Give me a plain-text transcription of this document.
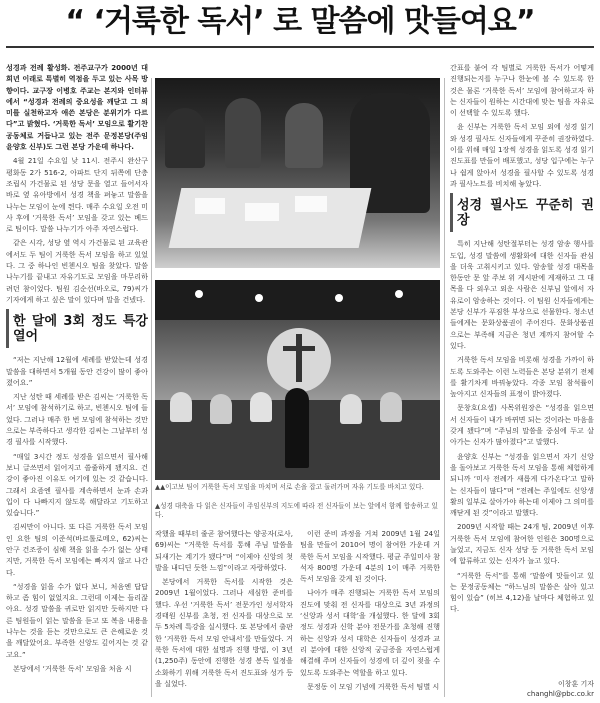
“ ‘거룩한 독서’ 로 말씀에 맛들여요”

성경과 전례 활성화. 전주교구가 2000년 대희년 이래로 특별히 역점을 두고 있는 사목 방향이다. 교구장 이병호 주교는 본지와 인터뷰에서 “성경과 전례의 중요성을 깨닫고 그 의미를 실천하고자 애쓴 본당은 분위기가 다르다”고 밝혔다. ‘거룩한 독서’ 모임으로 활기찬 공동체로 거듭나고 있는 전주 문정본당(주임 윤양호 신부)도 그런 본당 가운데 하나다.

4월 21일 수요일 낮 11시. 전주시 완산구 평화동 2가 516-2, 아파트 단지 뒤쪽에 단층 조립식 가건물로 된 성당 문을 열고 들어서자 바로 옆 유아방에서 성경 책을 펴놓고 말씀을 나누는 모임이 눈에 띈다. 매주 수요일 오전 미사 후에 ‘거룩한 독서’ 모임을 갖고 있는 베드로 팀이다. 말씀 나누기가 아주 자연스럽다.

같은 시각, 성당 옆 역시 가건물로 된 교육관에서도 두 팀이 거룩한 독서 모임을 하고 있었다. 그 중 하나인 빈첸시오 팀을 찾았다. 말씀 나누기를 끝내고 자유기도로 모임을 마무리하려던 참이었다. 팀원 김순선(바오로, 79)씨가 기자에게 하고 싶은 말이 있다며 말을 건넸다.

한 달에 3회 정도 특강 열어

“저는 지난해 12월에 세례를 받았는데 성경 말씀을 대하면서 5개월 동안 건강이 많이 좋아졌어요.”

지난 성탄 때 세례를 받은 김씨는 ‘거룩한 독서’ 모임에 참석하기로 하고, 빈첸시오 팀에 들었다. 그러나 매주 한 번 모임에 참석하는 것만으로는 부족하다고 생각한 김씨는 그날부터 성경 필사를 시작했다.

“매일 3시간 정도 성경을 읽으면서 필사해 보니 글쓰면서 읽어지고 쓸줄하게 됐지요. 건강이 좋아진 이유도 여기에 있는 것 같습니다. 그래서 요즘엔 필사를 계속하면서 눈과 손과 입이 다 나빠지지 않도록 해달라고 기도하고 있습니다.”

김씨만이 아니다. 또 다른 거룩한 독서 모임인 요한 팀의 이준석(바르톨로메오, 62)씨는 안구 건조증이 심해 책을 읽을 수가 없는 상태지만, 거룩한 독서 모임에는 빠지지 않고 나간다.

“성경을 읽을 수가 없다 보니, 처음엔 답답하고 좀 힘이 없었지요. 그런데 이제는 들리잖아요. 성경 말씀을 귀로만 읽지만 듯하지만 다른 팀원들이 읽는 말씀을 듣고 또 복음 내용을 나누는 것을 듣는 것만으로도 큰 은혜로운 것을 깨달았어요. 부족한 신앙도 깊어지는 것 같고요.”

본당에서 ‘거룩한 독서’ 모임을 처음 시

▲▲이고보 팀이 거룩한 독서 모임을 마치며 서로 손을 잡고 둘러가며 자유 기도를 바치고 있다.
▲성경 대축을 다 읽은 신자들이 주임신부의 지도에 따라 전 신자들이 보는 앞에서 함께 합송하고 있다.

작했을 때부터 줄곧 참여했다는 양공자(로사, 69)씨는 “거룩한 독서를 통해 주님 말씀을 되새기는 계기가 됐다”며 “이제야 신앙의 첫발을 내디딘 듯한 느낌”이라고 자랑하였다.

본당에서 거룩한 독서를 시작한 것은 2009년 1월이었다. 그러나 세심한 준비를 했다. 우선 ‘거룩한 독서’ 전문가인 성서학자 경태원 신부를 초청, 전 신자를 대상으로 모두 5차례 특강을 실시했다. 또 본당에서 출판한 ‘거룩한 독서 모임 안내서’를 만들었다. 거룩한 독서에 대한 설명과 진행 방법, 이 3년(1,250주) 동안에 진행한 성경 봉독 일정을 소화하기 위해 거룩한 독서 진도표와 성가 등을 실었다.

이런 준비 과정을 거쳐 2009년 1월 24일 팀을 만들어 2010여 명이 참여한 가운데 거룩한 독서 모임을 시작했다. 평균 주일미사 참석자 800명 가운데 4분의 1이 매주 거룩한 독서 모임을 갖게 된 것이다.

나아가 매주 진행되는 거룩한 독서 모임의 진도에 맞춰 전 신자를 대상으로 3년 과정의 ‘신앙과 성서 대학’을 개설했다. 한 달에 3회 정도 성경과 신학 분야 전문가를 초청해 진행하는 신앙과 성서 대학은 신자들이 성경과 교리 분야에 대한 신앙적 궁금증을 자연스럽게 해결해 주며 신자들이 성경에 더 깊이 젖을 수 있도록 도와주는 역할을 하고 있다.

문정동 이 모임 기념에 거룩한 독서 팀별 시

간표를 붙여 각 팀별로 거룩한 독서가 어떻게 진행되는지를 누구나 한눈에 볼 수 있도록 한 것은 물론 ‘거룩한 독서’ 모임에 참여하고자 하는 신자들이 원하는 시간대에 맞는 팀을 자유로이 선택할 수 있도록 했다.

윤 신부는 거룩한 독서 모임 외에 성경 읽기와 성경 필사도 신자들에게 꾸준히 권장하였다. 이를 위해 매일 1장씩 성경을 읽도록 성경 읽기 진도표를 만들어 배포했고, 성당 입구에는 누구나 쉽게 앉아서 성경을 필사할 수 있도록 성경과 필사노트를 비치해 놓았다.

성경 필사도 꾸준히 권장

특히 지난해 성탄절부터는 성경 암송 행사를 도입, 성경 말씀에 생활화에 대한 신자들 관심을 더욱 고취시키고 있다. 암송할 성경 대목을 한동안 문 앞 주보 위 게시판에 게재하고 그 대목을 다 외우고 외운 사람은 신부님 앞에서 자유로이 암송하는 것이다. 이 팀원 신자들에게는 본당 신부가 푸짐한 부상으로 선물한다. 청소년들에게는 문화상품권이 주어진다. 문화상품권으로는 부족해 지금은 청년 계까지 참여할 수 있다.

거룩한 독서 모임을 비롯해 성경을 가까이 하도록 도와주는 이런 노력들은 본당 분위기 전체를 활기차게 바꿔놓았다. 각종 모임 참석률이 높아지고 신자들의 표정이 밝아졌다.

문창호(요셉) 사목위원장은 “성경을 읽으면서 신자들이 내가 바뀌면 되는 것이라는 마음을 갖게 됐다”며 “주님의 말씀을 중심에 두고 살아가는 신자가 많아졌다”고 말했다.

윤양호 신부는 “성경을 읽으면서 자기 신앙을 돌아보고 거룩한 독서 모임을 통해 체험하게 되니까 ‘미사 전례가 새롭게 다가온다’고 말하는 신자들이 많다”며 “전례는 주일에도 신앙생활의 일부로 살아가야 하는데 이제야 그 의미를 깨닫게 된 것”이라고 말했다.

2009년 시작할 때는 24개 팀, 2009년 이후 거룩한 독서 모임에 참여한 인원은 300명으로 늘었고, 지금도 신자 성당 등 거룩한 독서 모임에 합류하고 있는 신자가 늘고 있다.

“거룩한 독서”를 통해 ‘말씀에 맛들이고 있는 문정공동체는 “하느님의 말씀은 살아 있고 힘이 있습” (히브 4,12)을 날마다 체험하고 있다.

이창훈 기자
changhl@pbc.co.kr
